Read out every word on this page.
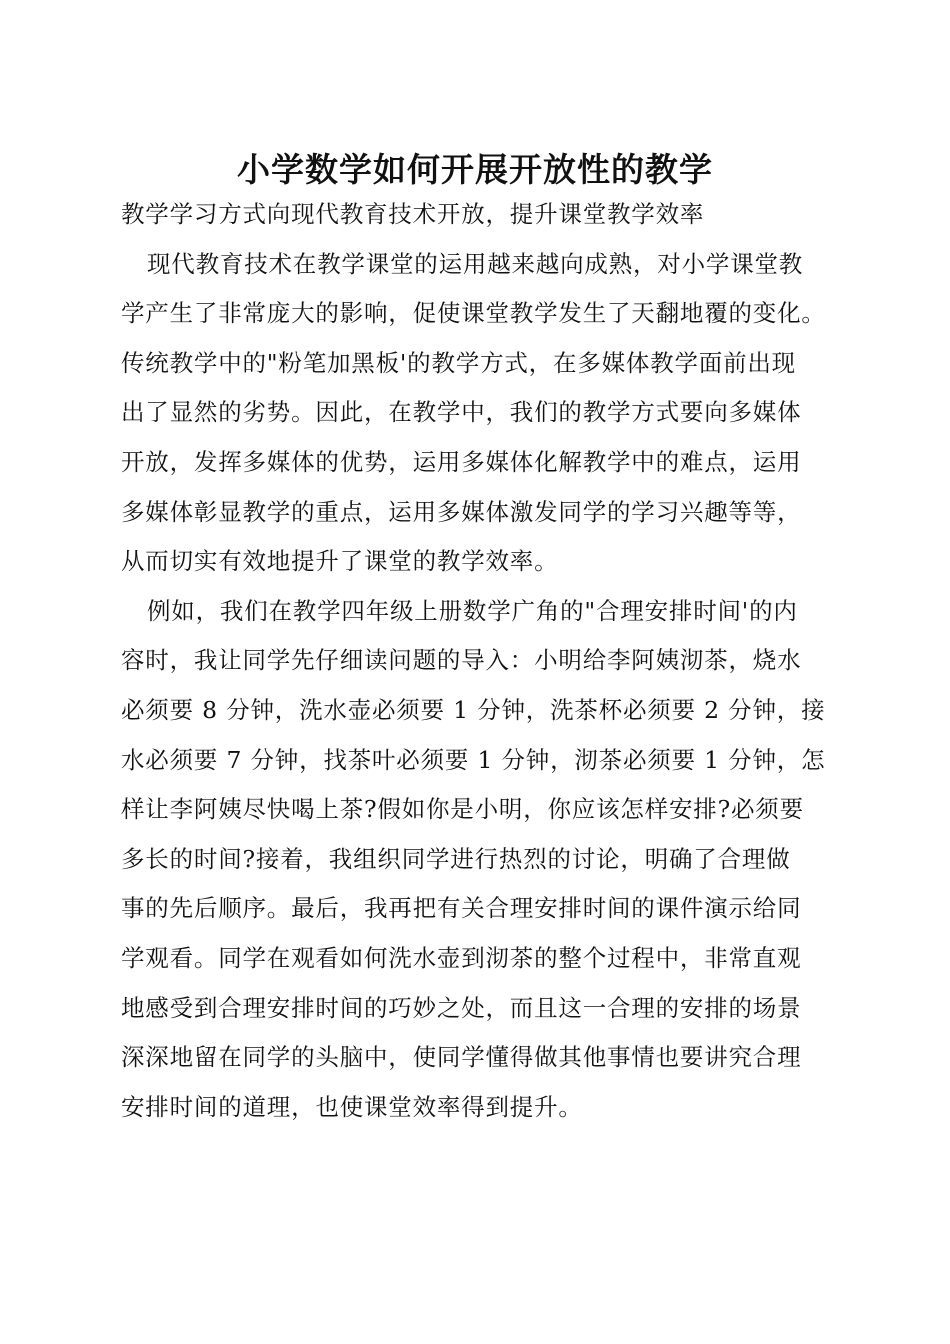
小学数学如何开展开放性的教学
教学学习方式向现代教育技术开放，提升课堂教学效率
现代教育技术在教学课堂的运用越来越向成熟，对小学课堂教
学产生了非常庞大的影响，促使课堂教学发生了天翻地覆的变化。
传统教学中的"粉笔加黑板'的教学方式，在多媒体教学面前出现
出了显然的劣势。因此，在教学中，我们的教学方式要向多媒体
开放，发挥多媒体的优势，运用多媒体化解教学中的难点，运用
多媒体彰显教学的重点，运用多媒体激发同学的学习兴趣等等，
从而切实有效地提升了课堂的教学效率。
例如，我们在教学四年级上册数学广角的"合理安排时间'的内
容时，我让同学先仔细读问题的导入：小明给李阿姨沏茶，烧水
必须要 8 分钟，洗水壶必须要 1 分钟，洗茶杯必须要 2 分钟，接
水必须要 7 分钟，找茶叶必须要 1 分钟，沏茶必须要 1 分钟，怎
样让李阿姨尽快喝上茶?假如你是小明，你应该怎样安排?必须要
多长的时间?接着，我组织同学进行热烈的讨论，明确了合理做
事的先后顺序。最后，我再把有关合理安排时间的课件演示给同
学观看。同学在观看如何洗水壶到沏茶的整个过程中，非常直观
地感受到合理安排时间的巧妙之处，而且这一合理的安排的场景
深深地留在同学的头脑中，使同学懂得做其他事情也要讲究合理
安排时间的道理，也使课堂效率得到提升。
